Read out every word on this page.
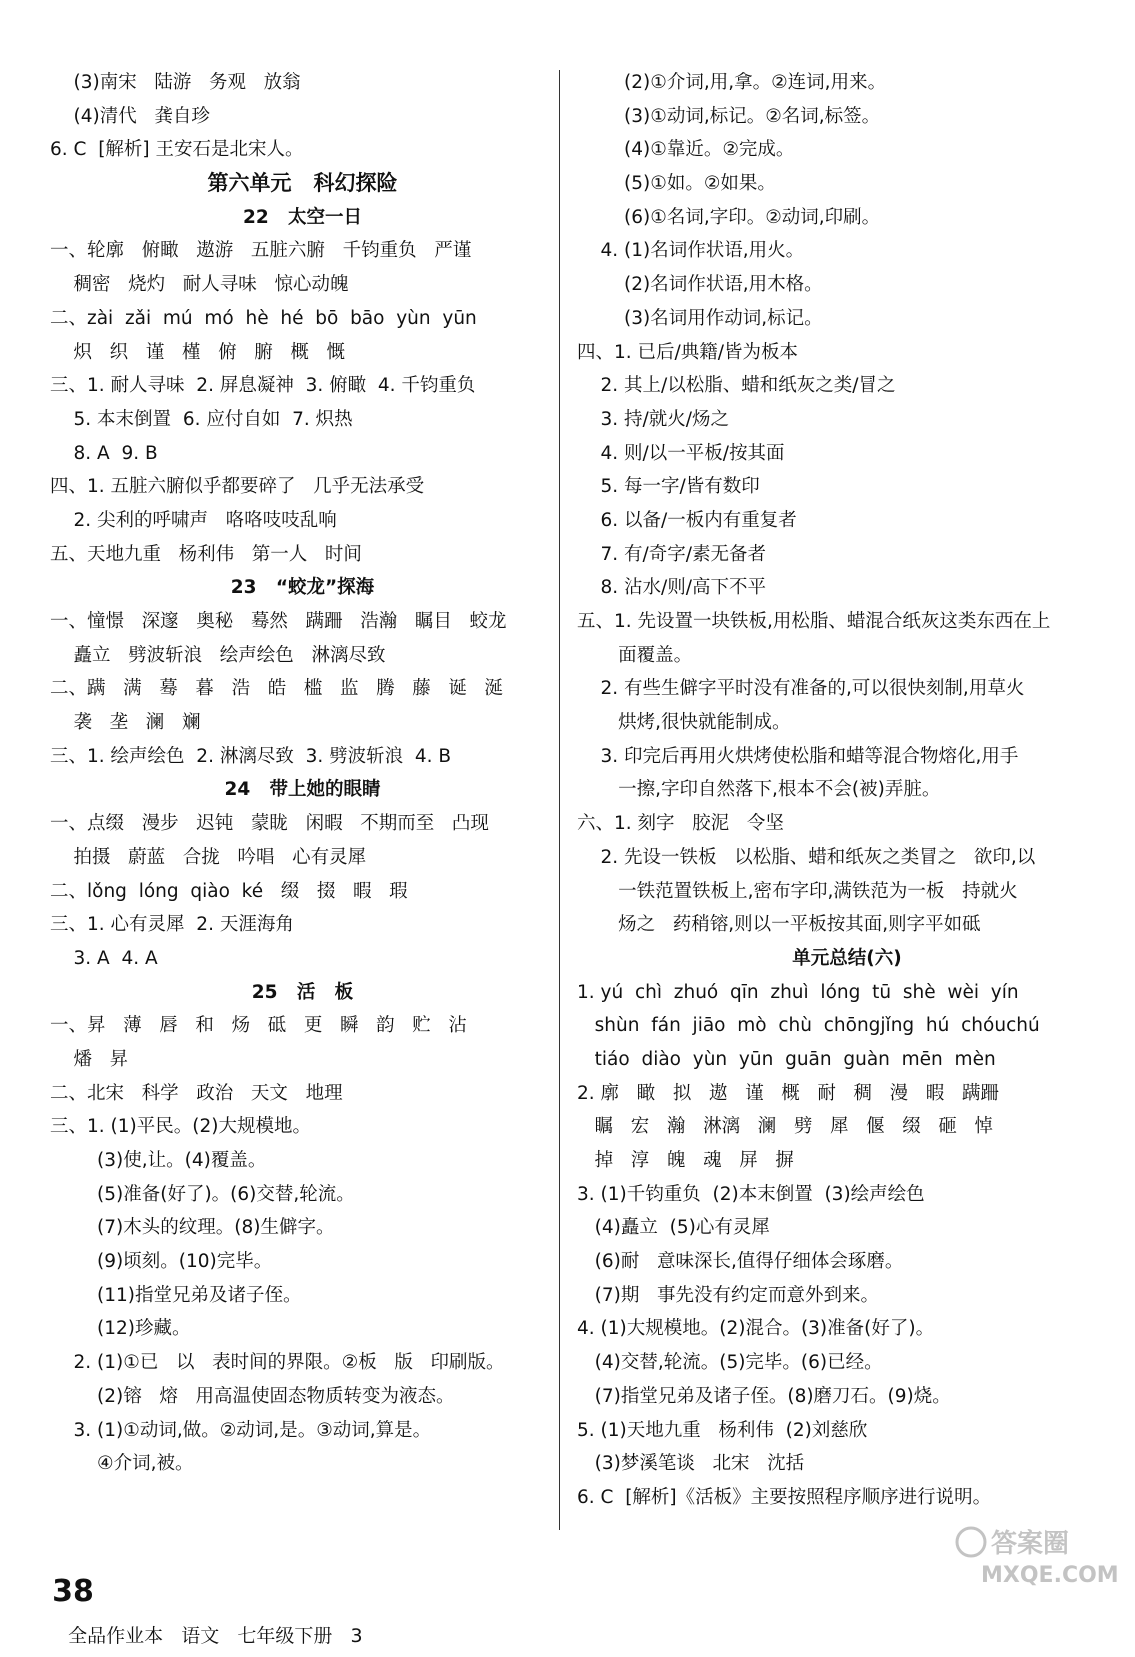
(3)南宋   陆游   务观   放翁
(4)清代   龚自珍
6. C  [解析] 王安石是北宋人。
第六单元   科幻探险
22   太空一日
一、轮廓   俯瞰   遨游   五脏六腑   千钧重负   严谨
稠密   烧灼   耐人寻味   惊心动魄
二、zài  zǎi  mú  mó  hè  hé  bō  bāo  yùn  yūn
炽   织   谨   槿   俯   腑   概   慨
三、1. 耐人寻味  2. 屏息凝神  3. 俯瞰  4. 千钧重负
5. 本末倒置  6. 应付自如  7. 炽热
8. A  9. B
四、1. 五脏六腑似乎都要碎了   几乎无法承受
2. 尖利的呼啸声   咯咯吱吱乱响
五、天地九重   杨利伟   第一人   时间
23   “蛟龙”探海
一、憧憬   深邃   奥秘   蓦然   蹒跚   浩瀚   瞩目   蛟龙
矗立   劈波斩浪   绘声绘色   淋漓尽致
二、蹒   满   蓦   暮   浩   皓   槛   监   腾   藤   诞   涎
袭   垄   澜   斓
三、1. 绘声绘色  2. 淋漓尽致  3. 劈波斩浪  4. B
24   带上她的眼睛
一、点缀   漫步   迟钝   蒙眬   闲暇   不期而至   凸现
拍摄   蔚蓝   合拢   吟唱   心有灵犀
二、lǒng  lóng  qiào  ké   缀   掇   暇   瑕
三、1. 心有灵犀  2. 天涯海角
3. A  4. A
25   活   板
一、昇   薄   唇   和   炀   砥   更   瞬   韵   贮   沾
燔   昇
二、北宋   科学   政治   天文   地理
三、1. (1)平民。(2)大规模地。
(3)使,让。(4)覆盖。
(5)准备(好了)。(6)交替,轮流。
(7)木头的纹理。(8)生僻字。
(9)顷刻。(10)完毕。
(11)指堂兄弟及诸子侄。
(12)珍藏。
2. (1)①已   以   表时间的界限。②板   版   印刷版。
(2)镕   熔   用高温使固态物质转变为液态。
3. (1)①动词,做。②动词,是。③动词,算是。
④介词,被。
(2)①介词,用,拿。②连词,用来。
(3)①动词,标记。②名词,标签。
(4)①靠近。②完成。
(5)①如。②如果。
(6)①名词,字印。②动词,印刷。
4. (1)名词作状语,用火。
(2)名词作状语,用木格。
(3)名词用作动词,标记。
四、1. 已后/典籍/皆为板本
2. 其上/以松脂、蜡和纸灰之类/冒之
3. 持/就火/炀之
4. 则/以一平板/按其面
5. 每一字/皆有数印
6. 以备/一板内有重复者
7. 有/奇字/素无备者
8. 沾水/则/高下不平
五、1. 先设置一块铁板,用松脂、蜡混合纸灰这类东西在上
面覆盖。
2. 有些生僻字平时没有准备的,可以很快刻制,用草火
烘烤,很快就能制成。
3. 印完后再用火烘烤使松脂和蜡等混合物熔化,用手
一擦,字印自然落下,根本不会(被)弄脏。
六、1. 刻字   胶泥   令坚
2. 先设一铁板   以松脂、蜡和纸灰之类冒之   欲印,以
一铁范置铁板上,密布字印,满铁范为一板   持就火
炀之   药稍镕,则以一平板按其面,则字平如砥
单元总结(六)
1. yú  chì  zhuó  qīn  zhuì  lóng  tū  shè  wèi  yín
shùn  fán  jiāo  mò  chù  chōngjǐng  hú  chóuchú
tiáo  diào  yùn  yūn  guān  guàn  mēn  mèn
2. 廓   瞰   拟   遨   谨   概   耐   稠   漫   暇   蹒跚
瞩   宏   瀚   淋漓   澜   劈   犀   偃   缀   砸   悼
掉   淳   魄   魂   屏   摒
3. (1)千钧重负  (2)本末倒置  (3)绘声绘色
(4)矗立  (5)心有灵犀
(6)耐   意味深长,值得仔细体会琢磨。
(7)期   事先没有约定而意外到来。
4. (1)大规模地。(2)混合。(3)准备(好了)。
(4)交替,轮流。(5)完毕。(6)已经。
(7)指堂兄弟及诸子侄。(8)磨刀石。(9)烧。
5. (1)天地九重   杨利伟  (2)刘慈欣
(3)梦溪笔谈   北宋   沈括
6. C  [解析]《活板》主要按照程序顺序进行说明。

38
全品作业本   语文   七年级下册   3

答案圈
MXQE.COM
